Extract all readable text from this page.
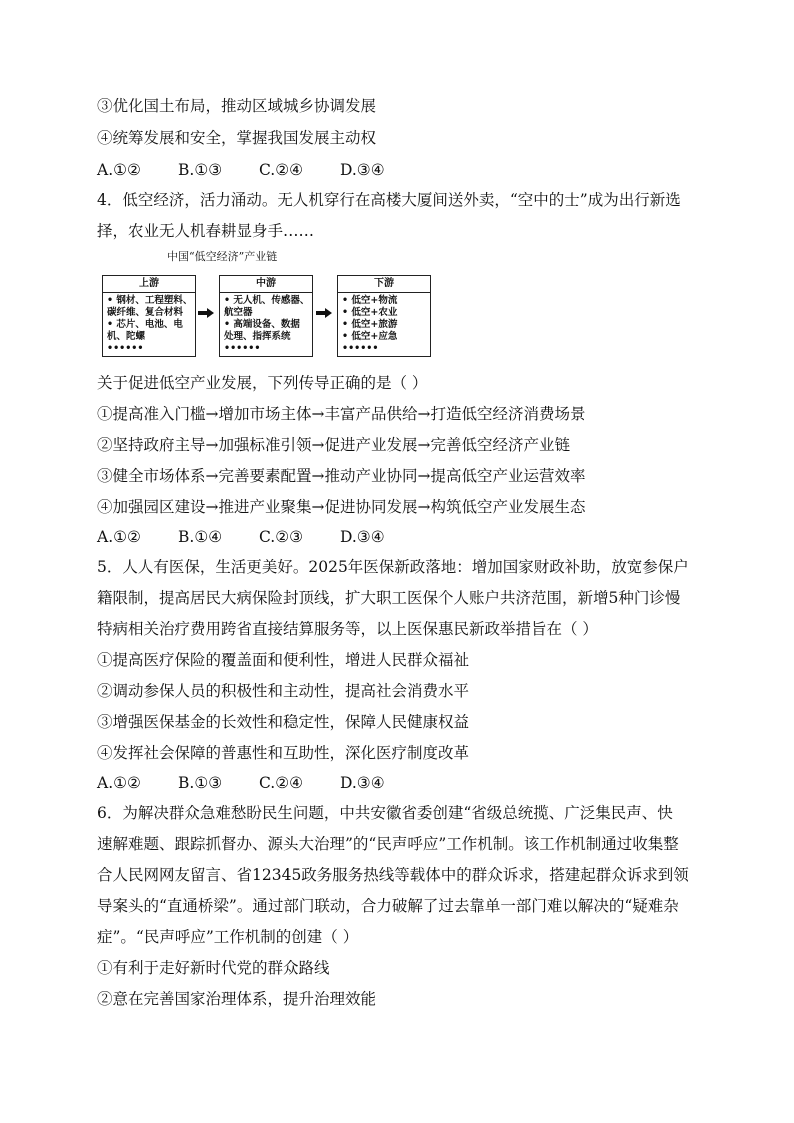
③优化国土布局，推动区域城乡协调发展
④统筹发展和安全，掌握我国发展主动权
A.①② B.①③ C.②④ D.③④
4．低空经济，活力涌动。无人机穿行在高楼大厦间送外卖，“空中的士”成为出行新选
择，农业无人机春耕显身手……
中国“低空经济”产业链
上游
• 钢材、工程塑料、
碳纤维、复合材料
• 芯片、电池、电
机、陀螺
••••••
中游
• 无人机、传感器、
航空器
• 高端设备、数据
处理、指挥系统
••••••
下游
• 低空+物流
• 低空+农业
• 低空+旅游
• 低空+应急
••••••
关于促进低空产业发展，下列传导正确的是（ ）
①提高准入门槛→增加市场主体→丰富产品供给→打造低空经济消费场景
②坚持政府主导→加强标准引领→促进产业发展→完善低空经济产业链
③健全市场体系→完善要素配置→推动产业协同→提高低空产业运营效率
④加强园区建设→推进产业聚集→促进协同发展→构筑低空产业发展生态
A.①② B.①④ C.②③ D.③④
5．人人有医保，生活更美好。2025年医保新政落地：增加国家财政补助，放宽参保户
籍限制，提高居民大病保险封顶线，扩大职工医保个人账户共济范围，新增5种门诊慢
特病相关治疗费用跨省直接结算服务等，以上医保惠民新政举措旨在（ ）
①提高医疗保险的覆盖面和便利性，增进人民群众福祉
②调动参保人员的积极性和主动性，提高社会消费水平
③增强医保基金的长效性和稳定性，保障人民健康权益
④发挥社会保障的普惠性和互助性，深化医疗制度改革
A.①② B.①③ C.②④ D.③④
6．为解决群众急难愁盼民生问题，中共安徽省委创建“省级总统揽、广泛集民声、快
速解难题、跟踪抓督办、源头大治理”的“民声呼应”工作机制。该工作机制通过收集整
合人民网网友留言、省12345政务服务热线等载体中的群众诉求，搭建起群众诉求到领
导案头的“直通桥梁”。通过部门联动，合力破解了过去靠单一部门难以解决的“疑难杂
症”。“民声呼应”工作机制的创建（ ）
①有利于走好新时代党的群众路线
②意在完善国家治理体系，提升治理效能
